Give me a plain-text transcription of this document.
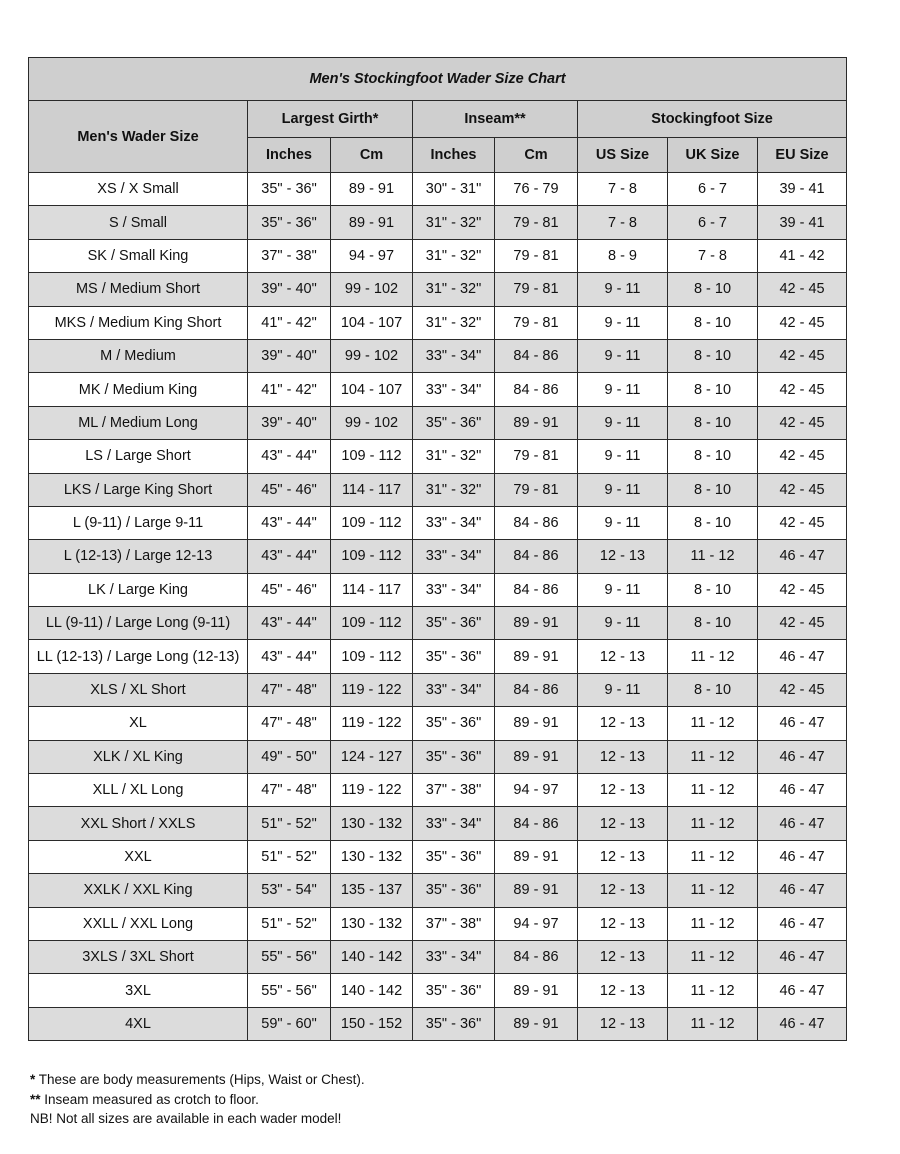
Men's Stockingfoot Wader Size Chart							
Men's Wader Size	Largest Girth*		Inseam**		Stockingfoot Size		
	Inches	Cm	Inches	Cm	US Size	UK Size	EU Size
XS / X Small	35" - 36"	89 - 91	30" - 31"	76 - 79	7 - 8	6 - 7	39 - 41
S / Small	35" - 36"	89 - 91	31" - 32"	79 - 81	7 - 8	6 - 7	39 - 41
SK / Small King	37" - 38"	94 - 97	31" - 32"	79 - 81	8 - 9	7 - 8	41 - 42
MS / Medium Short	39" - 40"	99 - 102	31" - 32"	79 - 81	9 - 11	8 - 10	42 - 45
MKS / Medium King Short	41" - 42"	104 - 107	31" - 32"	79 - 81	9 - 11	8 - 10	42 - 45
M / Medium	39" - 40"	99 - 102	33" - 34"	84 - 86	9 - 11	8 - 10	42 - 45
MK / Medium King	41" - 42"	104 - 107	33" - 34"	84 - 86	9 - 11	8 - 10	42 - 45
ML / Medium Long	39" - 40"	99 - 102	35" - 36"	89 - 91	9 - 11	8 - 10	42 - 45
LS / Large Short	43" - 44"	109 - 112	31" - 32"	79 - 81	9 - 11	8 - 10	42 - 45
LKS / Large King Short	45" - 46"	114 - 117	31" - 32"	79 - 81	9 - 11	8 - 10	42 - 45
L (9-11) / Large 9-11	43" - 44"	109 - 112	33" - 34"	84 - 86	9 - 11	8 - 10	42 - 45
L (12-13) / Large 12-13	43" - 44"	109 - 112	33" - 34"	84 - 86	12 - 13	11 - 12	46 - 47
LK / Large King	45" - 46"	114 - 117	33" - 34"	84 - 86	9 - 11	8 - 10	42 - 45
LL (9-11) / Large Long (9-11)	43" - 44"	109 - 112	35" - 36"	89 - 91	9 - 11	8 - 10	42 - 45
LL (12-13) / Large Long (12-13)	43" - 44"	109 - 112	35" - 36"	89 - 91	12 - 13	11 - 12	46 - 47
XLS / XL Short	47" - 48"	119 - 122	33" - 34"	84 - 86	9 - 11	8 - 10	42 - 45
XL	47" - 48"	119 - 122	35" - 36"	89 - 91	12 - 13	11 - 12	46 - 47
XLK / XL King	49" - 50"	124 - 127	35" - 36"	89 - 91	12 - 13	11 - 12	46 - 47
XLL / XL Long	47" - 48"	119 - 122	37" - 38"	94 - 97	12 - 13	11 - 12	46 - 47
XXL Short / XXLS	51" - 52"	130 - 132	33" - 34"	84 - 86	12 - 13	11 - 12	46 - 47
XXL	51" - 52"	130 - 132	35" - 36"	89 - 91	12 - 13	11 - 12	46 - 47
XXLK / XXL King	53" - 54"	135 - 137	35" - 36"	89 - 91	12 - 13	11 - 12	46 - 47
XXLL / XXL Long	51" - 52"	130 - 132	37" - 38"	94 - 97	12 - 13	11 - 12	46 - 47
3XLS / 3XL Short	55" - 56"	140 - 142	33" - 34"	84 - 86	12 - 13	11 - 12	46 - 47
3XL	55" - 56"	140 - 142	35" - 36"	89 - 91	12 - 13	11 - 12	46 - 47
4XL	59" - 60"	150 - 152	35" - 36"	89 - 91	12 - 13	11 - 12	46 - 47
* These are body measurements (Hips, Waist or Chest).
** Inseam measured as crotch to floor.
NB! Not all sizes are available in each wader model!
